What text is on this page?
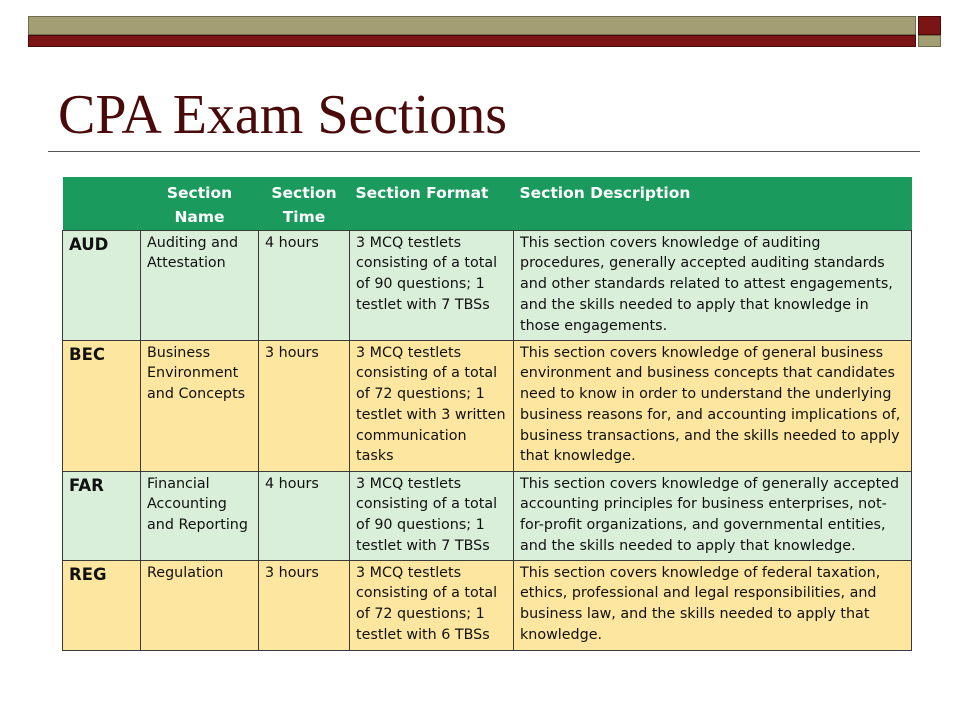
CPA Exam Sections
	Section Name	Section Time	Section Format	Section Description
AUD	Auditing and Attestation	4 hours	3 MCQ testlets consisting of a total of 90 questions; 1 testlet with 7 TBSs	This section covers knowledge of auditing procedures, generally accepted auditing standards and other standards related to attest engagements, and the skills needed to apply that knowledge in those engagements.
BEC	Business Environment and Concepts	3 hours	3 MCQ testlets consisting of a total of 72 questions; 1 testlet with 3 written communication tasks	This section covers knowledge of general business environment and business concepts that candidates need to know in order to understand the underlying business reasons for, and accounting implications of, business transactions, and the skills needed to apply that knowledge.
FAR	Financial Accounting and Reporting	4 hours	3 MCQ testlets consisting of a total of 90 questions; 1 testlet with 7 TBSs	This section covers knowledge of generally accepted accounting principles for business enterprises, not-for-profit organizations, and governmental entities, and the skills needed to apply that knowledge.
REG	Regulation	3 hours	3 MCQ testlets consisting of a total of 72 questions; 1 testlet with 6 TBSs	This section covers knowledge of federal taxation, ethics, professional and legal responsibilities, and business law, and the skills needed to apply that knowledge.
